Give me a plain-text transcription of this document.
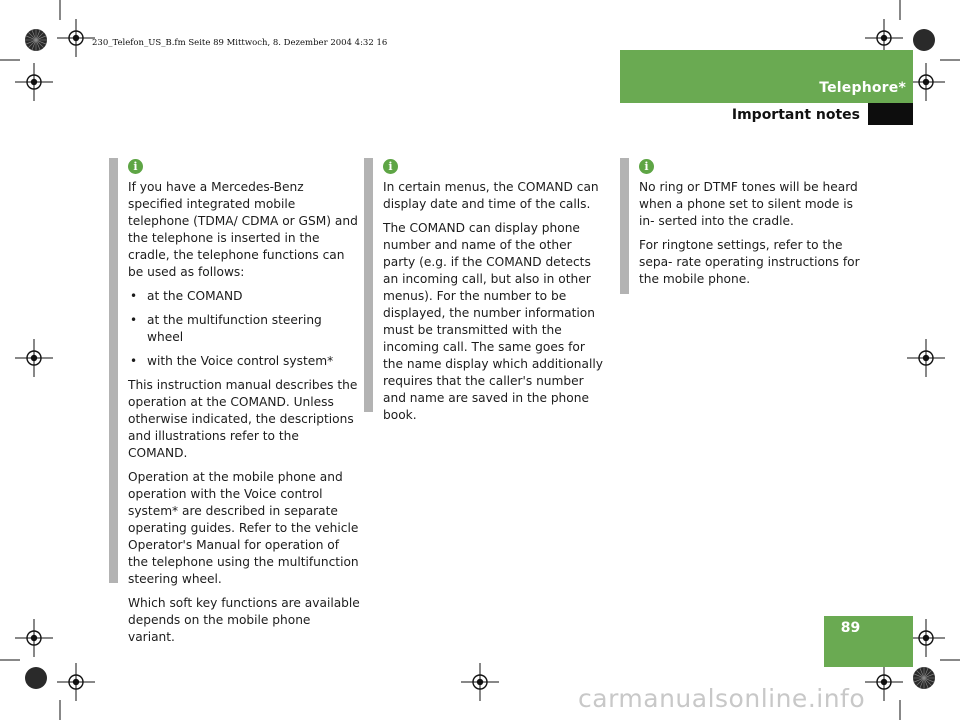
230_Telefon_US_B.fm Seite 89 Mittwoch, 8. Dezember 2004 4:32 16
Telephore*
Important notes
i

If you have a Mercedes-Benz specified integrated mobile telephone (TDMA/ CDMA or GSM) and the telephone is inserted in the cradle, the telephone functions can be used as follows:

• at the COMAND
• at the multifunction steering wheel
• with the Voice control system*

This instruction manual describes the operation at the COMAND. Unless otherwise indicated, the descriptions and illustrations refer to the COMAND.

Operation at the mobile phone and operation with the Voice control system* are described in separate operating guides. Refer to the vehicle Operator's Manual for operation of the telephone using the multifunction steering wheel.

Which soft key functions are available depends on the mobile phone variant.

i

In certain menus, the COMAND can display date and time of the calls.

The COMAND can display phone number and name of the other party (e.g. if the COMAND detects an incoming call, but also in other menus). For the number to be displayed, the number information must be transmitted with the incoming call. The same goes for the name display which additionally requires that the caller's number and name are saved in the phone book.

i

No ring or DTMF tones will be heard when a phone set to silent mode is in- serted into the cradle.

For ringtone settings, refer to the sepa- rate operating instructions for the mobile phone.

89
carmanualsonline.info
